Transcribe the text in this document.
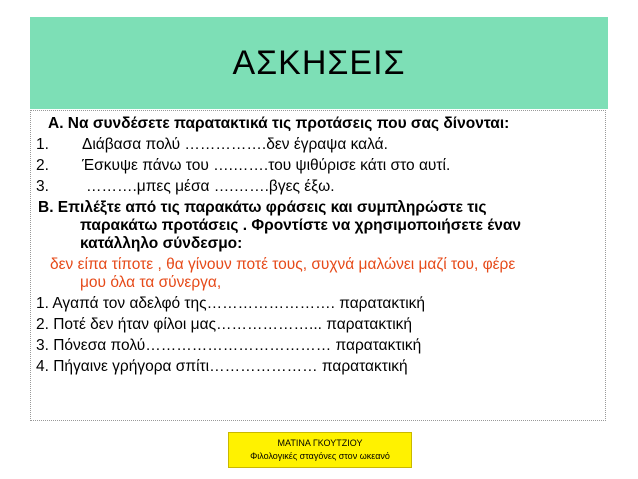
ΑΣΚΗΣΕΙΣ
Α. Να συνδέσετε παρατακτικά τις προτάσεις που σας δίνονται:
1. Διάβασα πολύ …………….δεν έγραψα καλά.
2. Έσκυψε πάνω του ….…….του ψιθύρισε κάτι στο αυτί.
3. ……….μπες μέσα ….…….βγες έξω.
Β. Επιλέξτε από τις παρακάτω φράσεις και συμπληρώστε τις
παρακάτω προτάσεις . Φροντίστε να χρησιμοποιήσετε έναν
κατάλληλο σύνδεσμο:
δεν είπα τίποτε , θα γίνουν ποτέ τους, συχνά μαλώνει μαζί του, φέρε
μου όλα τα σύνεργα,
1. Αγαπά τον αδελφό της……………………. παρατακτική
2. Ποτέ δεν ήταν φίλοι μας………………... παρατακτική
3. Πόνεσα πολύ……………………………… παρατακτική
4. Πήγαινε γρήγορα σπίτι………………… παρατακτική
ΜΑΤΙΝΑ ΓΚΟΥΤΖΙΟΥ
Φιλολογικές σταγόνες στον ωκεανό
